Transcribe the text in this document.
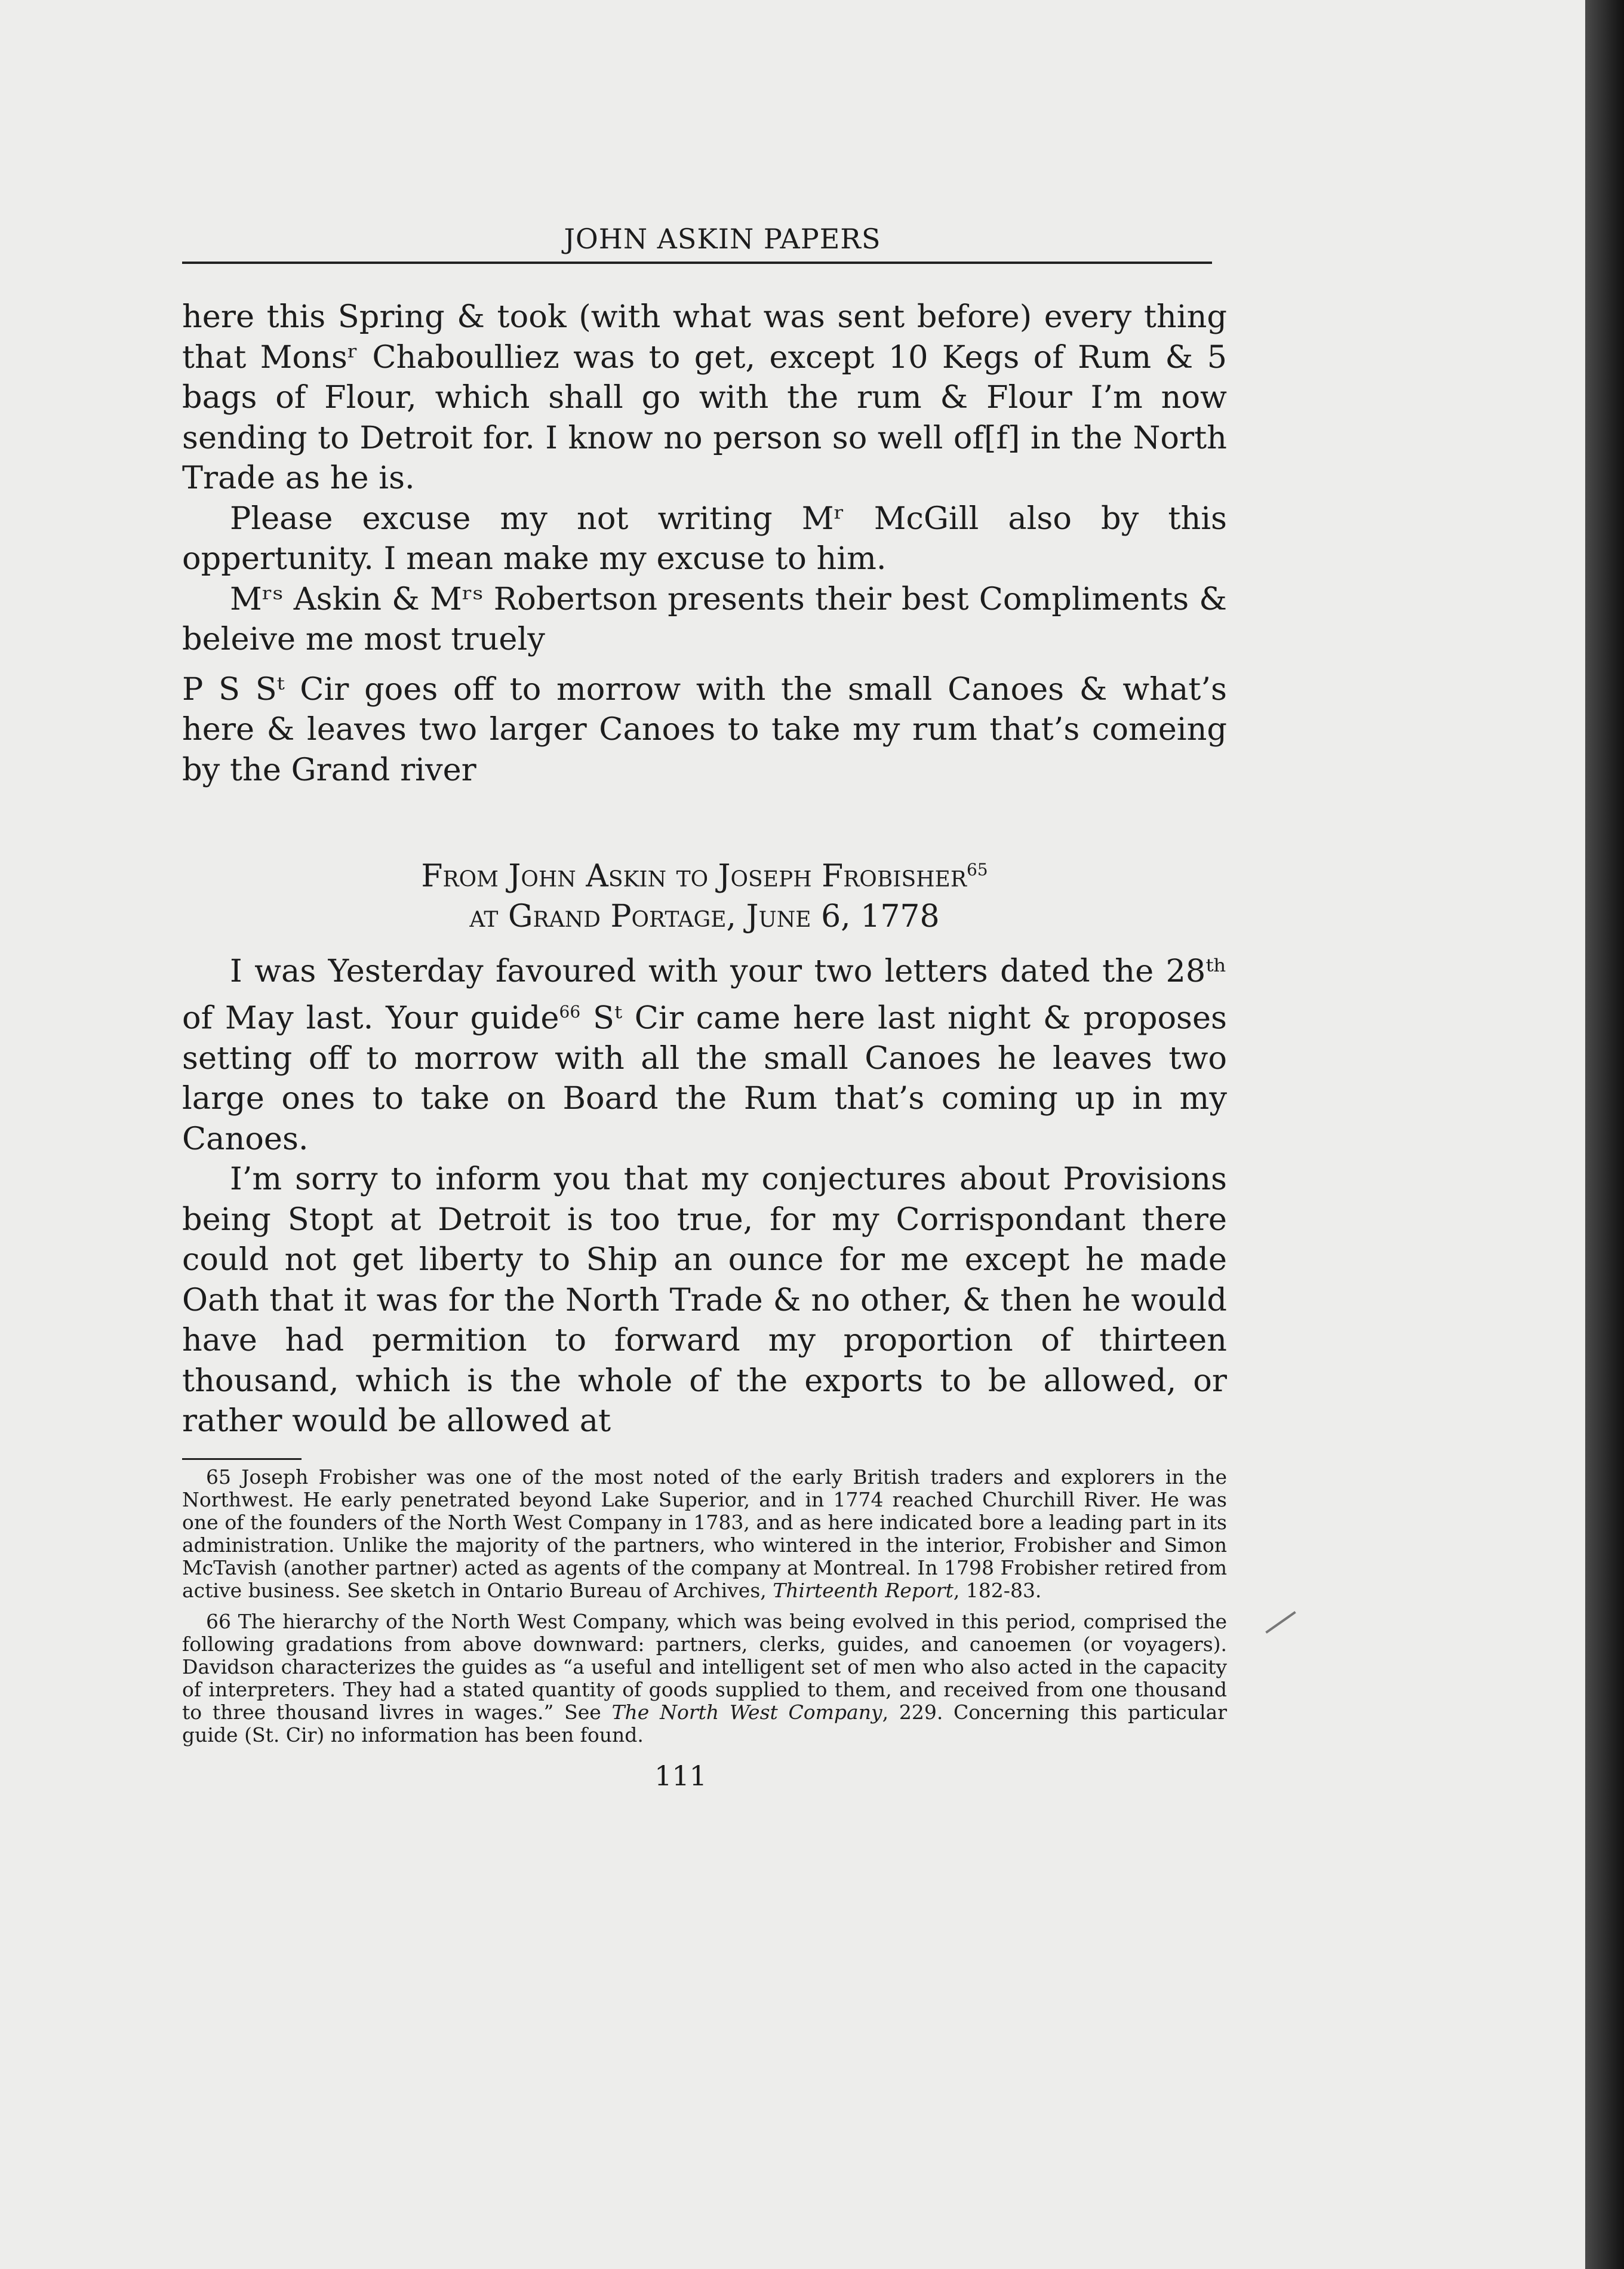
JOHN ASKIN PAPERS

here this Spring & took (with what was sent before) every thing that Monsʳ Chaboulliez was to get, except 10 Kegs of Rum & 5 bags of Flour, which shall go with the rum & Flour I’m now sending to Detroit for. I know no person so well of[f] in the North Trade as he is.

Please excuse my not writing Mʳ McGill also by this oppertunity. I mean make my excuse to him.

Mʳˢ Askin & Mʳˢ Robertson presents their best Compliments & beleive me most truely

P S Sᵗ Cir goes off to morrow with the small Canoes & what’s here & leaves two larger Canoes to take my rum that’s comeing by the Grand river

From John Askin to Joseph Frobisher$^{65}$
at Grand Portage, June 6, 1778

I was Yesterday favoured with your two letters dated the 28ᵗʰ of May last. Your guide$^{66}$ Sᵗ Cir came here last night & proposes setting off to morrow with all the small Canoes he leaves two large ones to take on Board the Rum that’s coming up in my Canoes.

I’m sorry to inform you that my conjectures about Provisions being Stopt at Detroit is too true, for my Corrispondant there could not get liberty to Ship an ounce for me except he made Oath that it was for the North Trade & no other, & then he would have had permition to forward my proportion of thirteen thousand, which is the whole of the exports to be allowed, or rather would be allowed at

65 Joseph Frobisher was one of the most noted of the early British traders and explorers in the Northwest. He early penetrated beyond Lake Superior, and in 1774 reached Churchill River. He was one of the founders of the North West Company in 1783, and as here indicated bore a leading part in its administration. Unlike the majority of the partners, who wintered in the interior, Frobisher and Simon McTavish (another partner) acted as agents of the company at Montreal. In 1798 Frobisher retired from active business. See sketch in Ontario Bureau of Archives, Thirteenth Report, 182-83.

66 The hierarchy of the North West Company, which was being evolved in this period, comprised the following gradations from above downward: partners, clerks, guides, and canoemen (or voyagers). Davidson characterizes the guides as “a useful and intelligent set of men who also acted in the capacity of interpreters. They had a stated quantity of goods supplied to them, and received from one thousand to three thousand livres in wages.” See The North West Company, 229. Concerning this particular guide (St. Cir) no information has been found.

111
